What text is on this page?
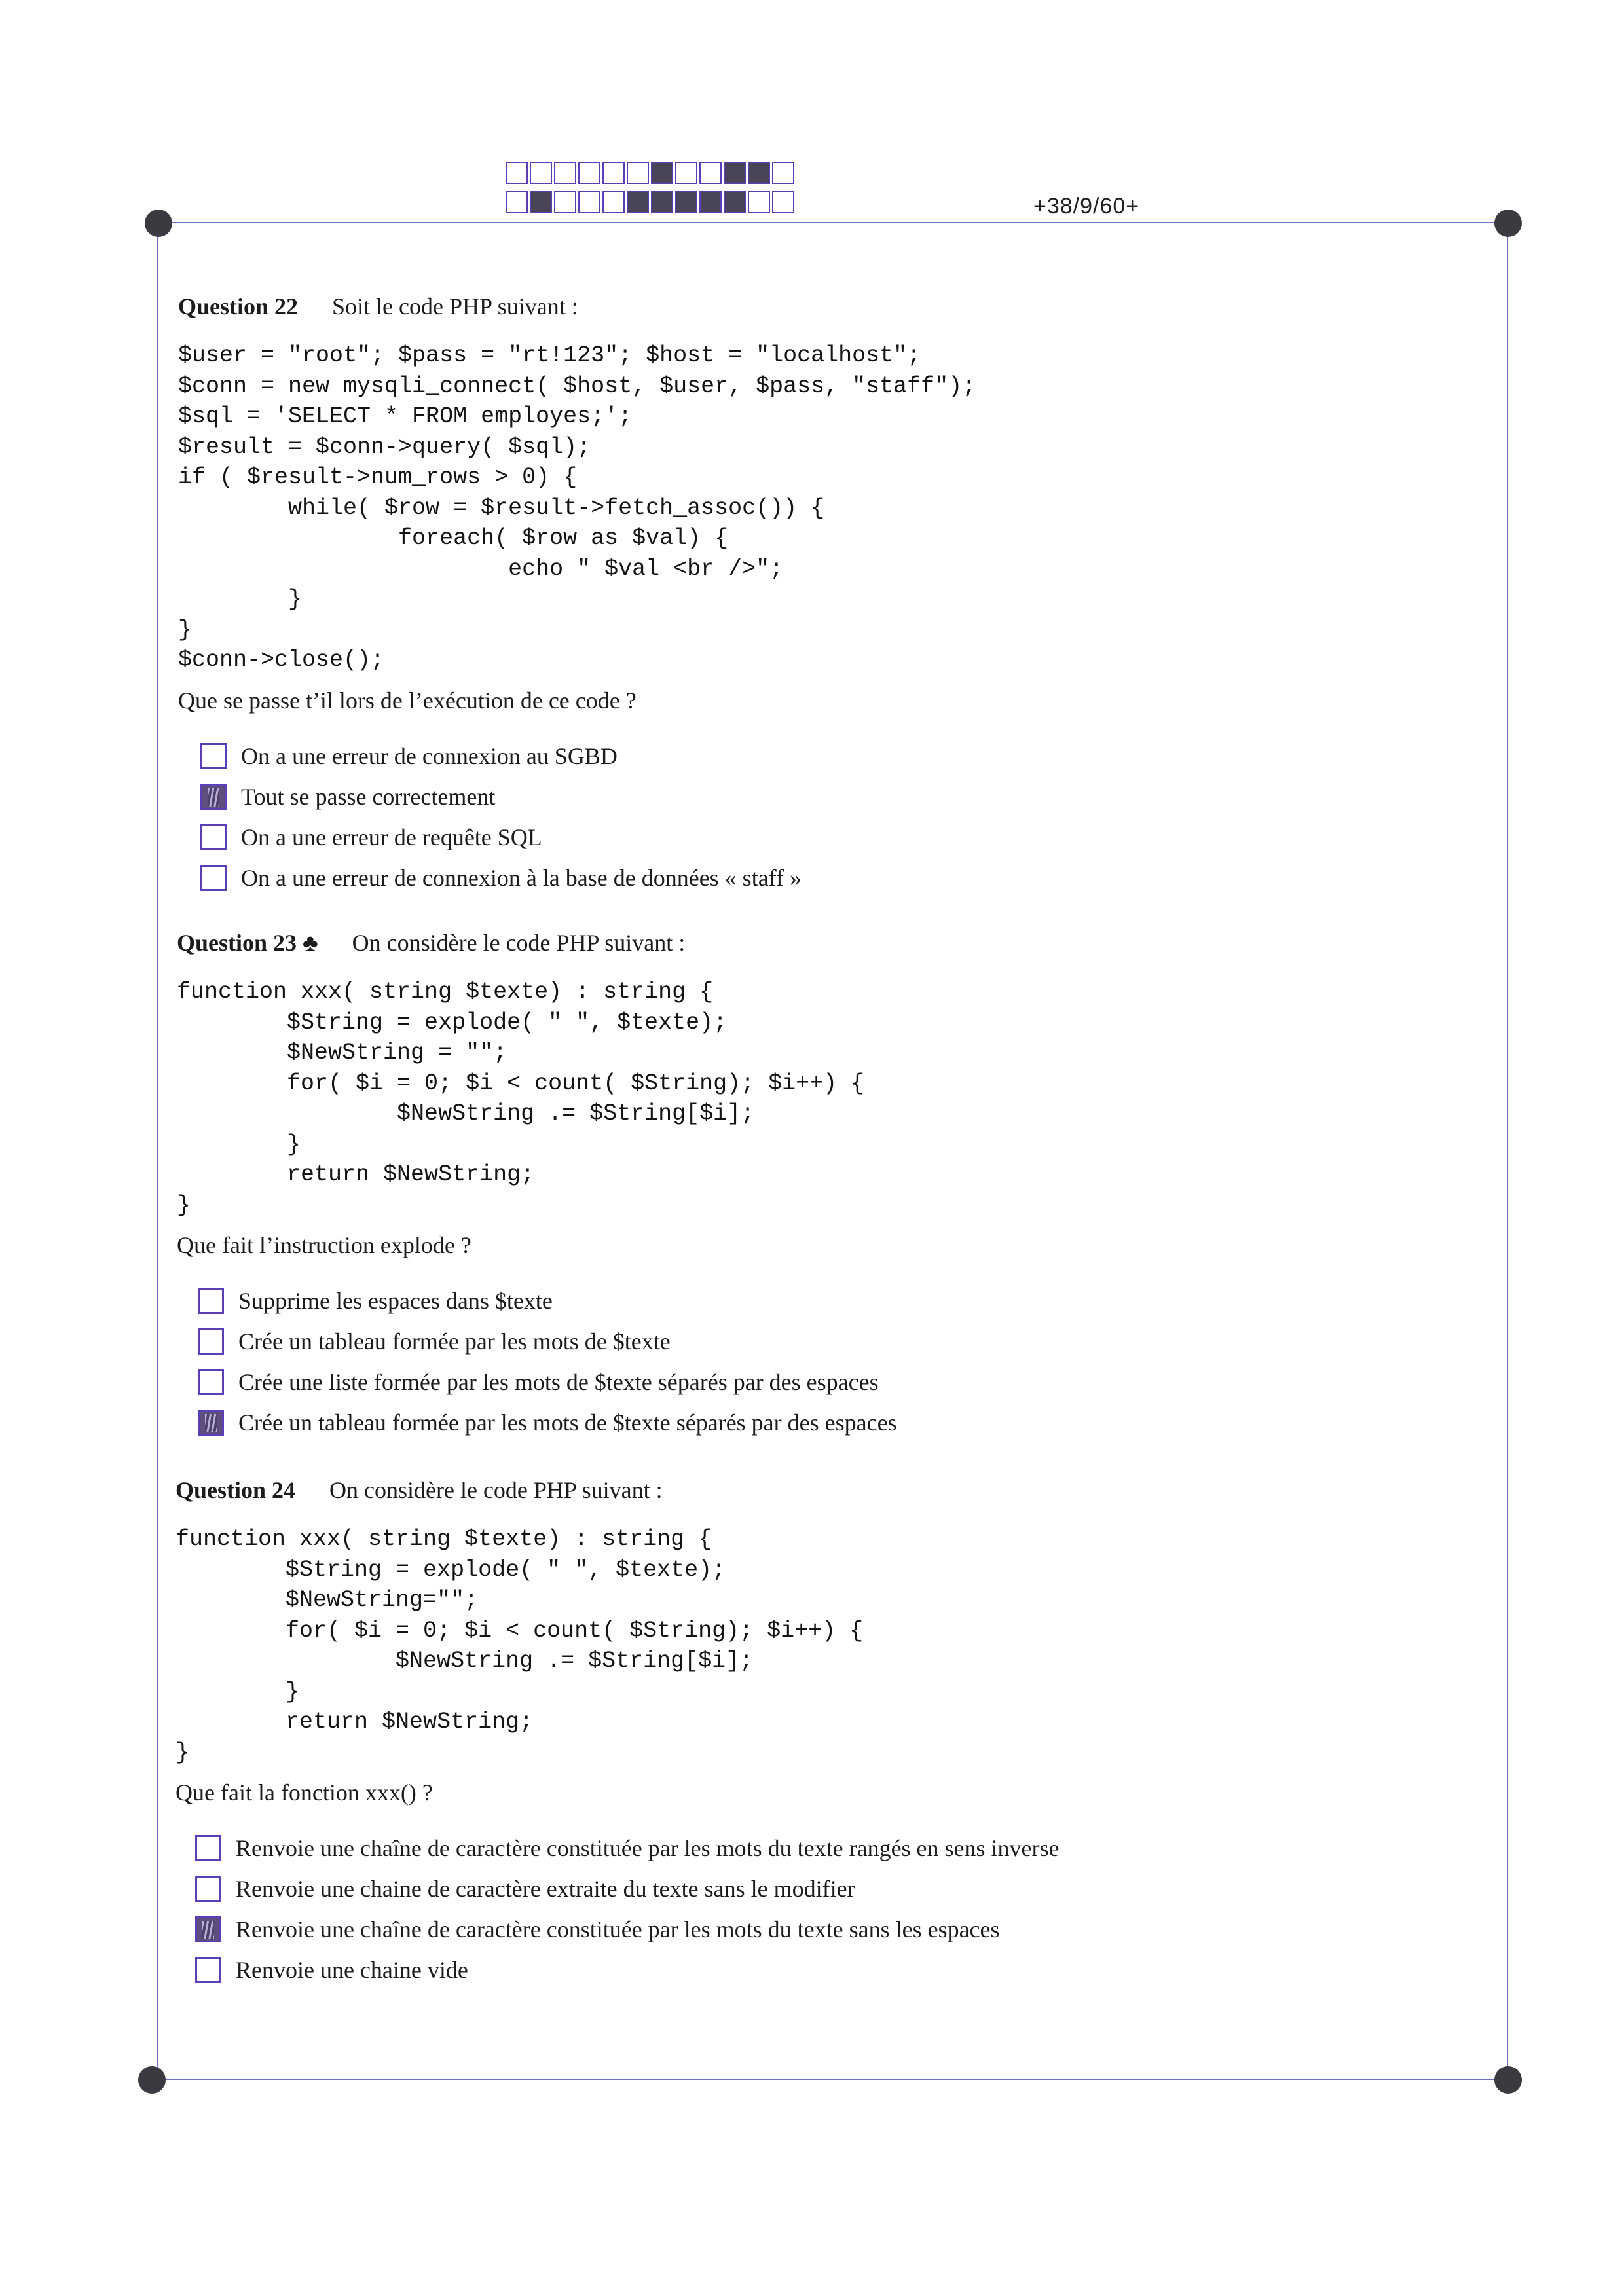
+38/9/60+
Question 22 Soit le code PHP suivant :
$user = "root"; $pass = "rt!123"; $host = "localhost";
$conn = new mysqli_connect( $host, $user, $pass, "staff");
$sql = 'SELECT * FROM employes;';
$result = $conn->query( $sql);
if ( $result->num_rows > 0) {
while( $row = $result->fetch_assoc()) {
foreach( $row as $val) {
echo " $val <br />";
}
}
$conn->close();
Que se passe t’il lors de l’exécution de ce code ?
On a une erreur de connexion au SGBD
Tout se passe correctement
On a une erreur de requête SQL
On a une erreur de connexion à la base de données « staff »
Question 23 ♣ On considère le code PHP suivant :
function xxx( string $texte) : string {
$String = explode( " ", $texte);
$NewString = "";
for( $i = 0; $i < count( $String); $i++) {
$NewString .= $String[$i];
}
return $NewString;
}
Que fait l’instruction explode ?
Supprime les espaces dans $texte
Crée un tableau formée par les mots de $texte
Crée une liste formée par les mots de $texte séparés par des espaces
Crée un tableau formée par les mots de $texte séparés par des espaces
Question 24 On considère le code PHP suivant :
function xxx( string $texte) : string {
$String = explode( " ", $texte);
$NewString="";
for( $i = 0; $i < count( $String); $i++) {
$NewString .= $String[$i];
}
return $NewString;
}
Que fait la fonction xxx() ?
Renvoie une chaîne de caractère constituée par les mots du texte rangés en sens inverse
Renvoie une chaine de caractère extraite du texte sans le modifier
Renvoie une chaîne de caractère constituée par les mots du texte sans les espaces
Renvoie une chaine vide
